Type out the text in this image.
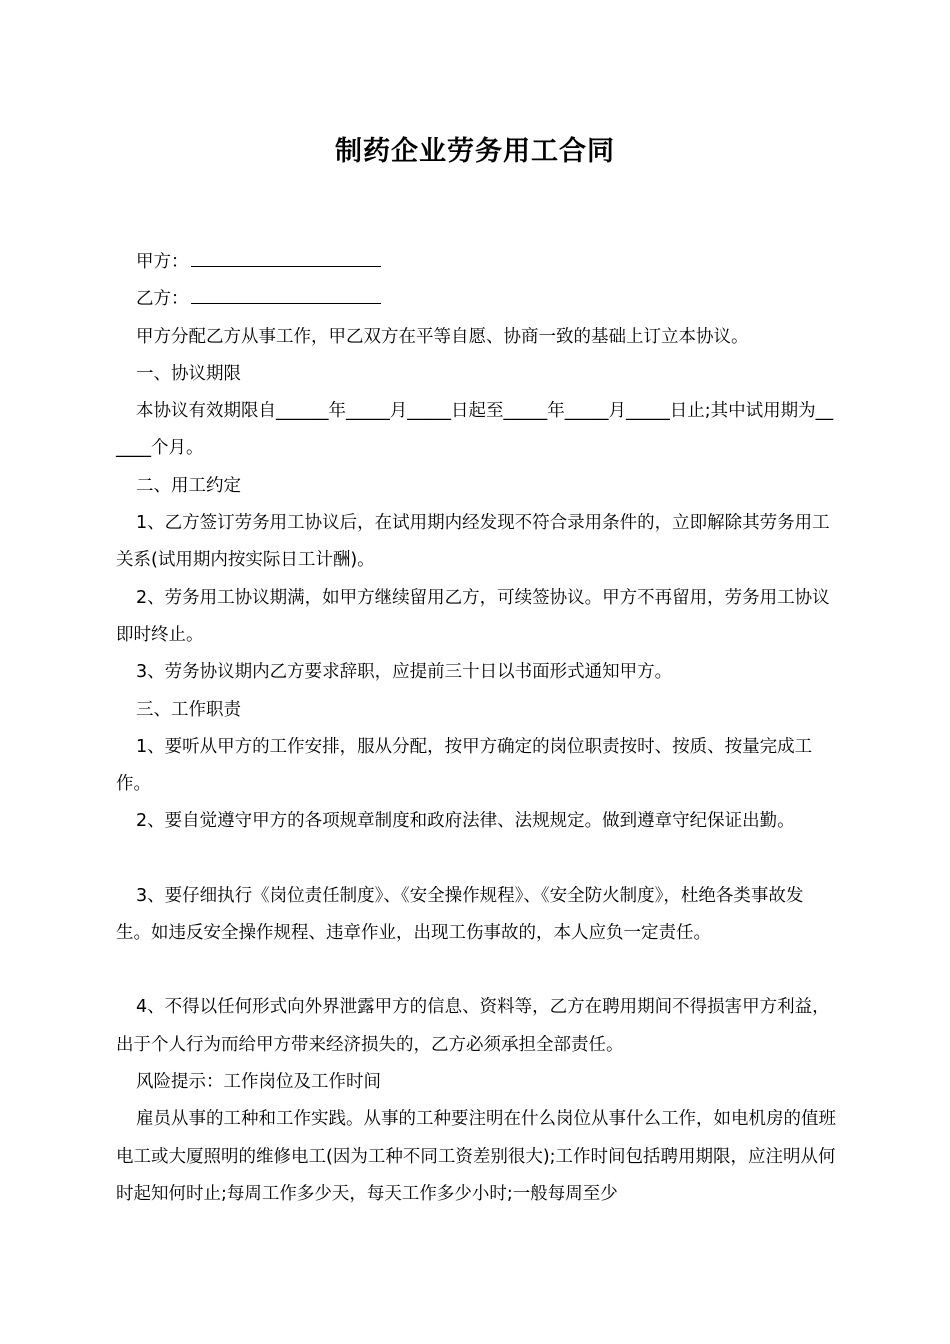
制药企业劳务用工合同

甲方：

乙方：

甲方分配乙方从事工作，甲乙双方在平等自愿、协商一致的基础上订立本协议。

一、协议期限

本协议有效期限自______年_____月_____日起至_____年_____月_____日止;其中试用期为______个月。

二、用工约定

1、乙方签订劳务用工协议后，在试用期内经发现不符合录用条件的，立即解除其劳务用工关系(试用期内按实际日工计酬)。

2、劳务用工协议期满，如甲方继续留用乙方，可续签协议。甲方不再留用，劳务用工协议即时终止。

3、劳务协议期内乙方要求辞职，应提前三十日以书面形式通知甲方。

三、工作职责

1、要听从甲方的工作安排，服从分配，按甲方确定的岗位职责按时、按质、按量完成工作。

2、要自觉遵守甲方的各项规章制度和政府法律、法规规定。做到遵章守纪保证出勤。

3、要仔细执行《岗位责任制度》、《安全操作规程》、《安全防火制度》，杜绝各类事故发生。如违反安全操作规程、违章作业，出现工伤事故的，本人应负一定责任。

4、不得以任何形式向外界泄露甲方的信息、资料等，乙方在聘用期间不得损害甲方利益，出于个人行为而给甲方带来经济损失的，乙方必须承担全部责任。

风险提示：工作岗位及工作时间

雇员从事的工种和工作实践。从事的工种要注明在什么岗位从事什么工作，如电机房的值班电工或大厦照明的维修电工(因为工种不同工资差别很大);工作时间包括聘用期限，应注明从何时起知何时止;每周工作多少天，每天工作多少小时;一般每周至少
